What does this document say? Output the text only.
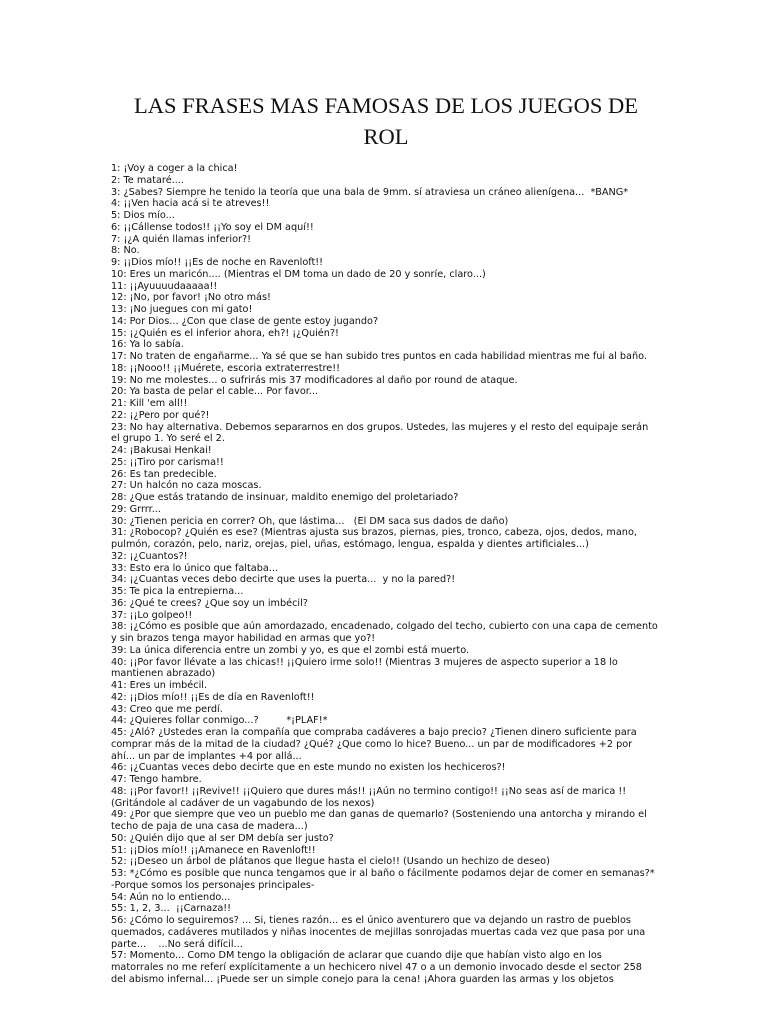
LAS FRASES MAS FAMOSAS DE LOS JUEGOS DE
ROL
1: ¡Voy a coger a la chica!
2: Te mataré....
3: ¿Sabes? Siempre he tenido la teoría que una bala de 9mm. sí atraviesa un cráneo alienígena...  *BANG*
4: ¡¡Ven hacia acá si te atreves!!
5: Dios mío...
6: ¡¡Cállense todos!! ¡¡Yo soy el DM aquí!!
7: ¡¿A quién llamas inferior?!
8: No.
9: ¡¡Dios mío!! ¡¡Es de noche en Ravenloft!!
10: Eres un maricón.... (Mientras el DM toma un dado de 20 y sonríe, claro...)
11: ¡¡Ayuuuudaaaaa!!
12: ¡No, por favor! ¡No otro más!
13: ¡No juegues con mi gato!
14: Por Dios... ¿Con que clase de gente estoy jugando?
15: ¡¿Quién es el inferior ahora, eh?! ¡¿Quién?!
16: Ya lo sabía.
17: No traten de engañarme... Ya sé que se han subido tres puntos en cada habilidad mientras me fui al baño.
18: ¡¡Nooo!! ¡¡Muérete, escoria extraterrestre!!
19: No me molestes... o sufrirás mis 37 modificadores al daño por round de ataque.
20: Ya basta de pelar el cable... Por favor...
21: Kill 'em all!!
22: ¡¿Pero por qué?!
23: No hay alternativa. Debemos separarnos en dos grupos. Ustedes, las mujeres y el resto del equipaje serán
el grupo 1. Yo seré el 2.
24: ¡Bakusai Henkai!
25: ¡¡Tiro por carisma!!
26: Es tan predecible.
27: Un halcón no caza moscas.
28: ¿Que estás tratando de insinuar, maldito enemigo del proletariado?
29: Grrrr...
30: ¿Tienen pericia en correr? Oh, que lástima...   (El DM saca sus dados de daño)
31: ¿Robocop? ¿Quién es ese? (Mientras ajusta sus brazos, piernas, pies, tronco, cabeza, ojos, dedos, mano,
pulmón, corazón, pelo, nariz, orejas, piel, uñas, estómago, lengua, espalda y dientes artificiales...)
32: ¡¿Cuantos?!
33: Esto era lo único que faltaba...
34: ¡¿Cuantas veces debo decirte que uses la puerta...  y no la pared?!
35: Te pica la entrepierna...
36: ¿Qué te crees? ¿Que soy un imbécil?
37: ¡¡Lo golpeo!!
38: ¡¿Cómo es posible que aún amordazado, encadenado, colgado del techo, cubierto con una capa de cemento
y sin brazos tenga mayor habilidad en armas que yo?!
39: La única diferencia entre un zombi y yo, es que el zombi está muerto.
40: ¡¡Por favor llévate a las chicas!! ¡¡Quiero irme solo!! (Mientras 3 mujeres de aspecto superior a 18 lo
mantienen abrazado)
41: Eres un imbécil.
42: ¡¡Dios mío!! ¡¡Es de día en Ravenloft!!
43: Creo que me perdí.
44: ¿Quieres follar conmigo...?         *¡PLAF!*
45: ¿Aló? ¿Ustedes eran la compañía que compraba cadáveres a bajo precio? ¿Tienen dinero suficiente para
comprar más de la mitad de la ciudad? ¿Qué? ¿Que como lo hice? Bueno... un par de modificadores +2 por
ahí... un par de implantes +4 por allá...
46: ¡¿Cuantas veces debo decirte que en este mundo no existen los hechiceros?!
47: Tengo hambre.
48: ¡¡Por favor!! ¡¡Revive!! ¡¡Quiero que dures más!! ¡¡Aún no termino contigo!! ¡¡No seas así de marica !!
(Gritándole al cadáver de un vagabundo de los nexos)
49: ¿Por que siempre que veo un pueblo me dan ganas de quemarlo? (Sosteniendo una antorcha y mirando el
techo de paja de una casa de madera...)
50: ¿Quién dijo que al ser DM debía ser justo?
51: ¡¡Dios mío!! ¡¡Amanece en Ravenloft!!
52: ¡¡Deseo un árbol de plátanos que llegue hasta el cielo!! (Usando un hechizo de deseo)
53: *¿Cómo es posible que nunca tengamos que ir al baño o fácilmente podamos dejar de comer en semanas?*
-Porque somos los personajes principales-
54: Aún no lo entiendo...
55: 1, 2, 3...  ¡¡Carnaza!!
56: ¿Cómo lo seguiremos? ... Si, tienes razón... es el único aventurero que va dejando un rastro de pueblos
quemados, cadáveres mutilados y niñas inocentes de mejillas sonrojadas muertas cada vez que pasa por una
parte...    ...No será difícil...
57: Momento... Como DM tengo la obligación de aclarar que cuando dije que habían visto algo en los
matorrales no me referí explícitamente a un hechicero nivel 47 o a un demonio invocado desde el sector 258
del abismo infernal... ¡Puede ser un simple conejo para la cena! ¡Ahora guarden las armas y los objetos
